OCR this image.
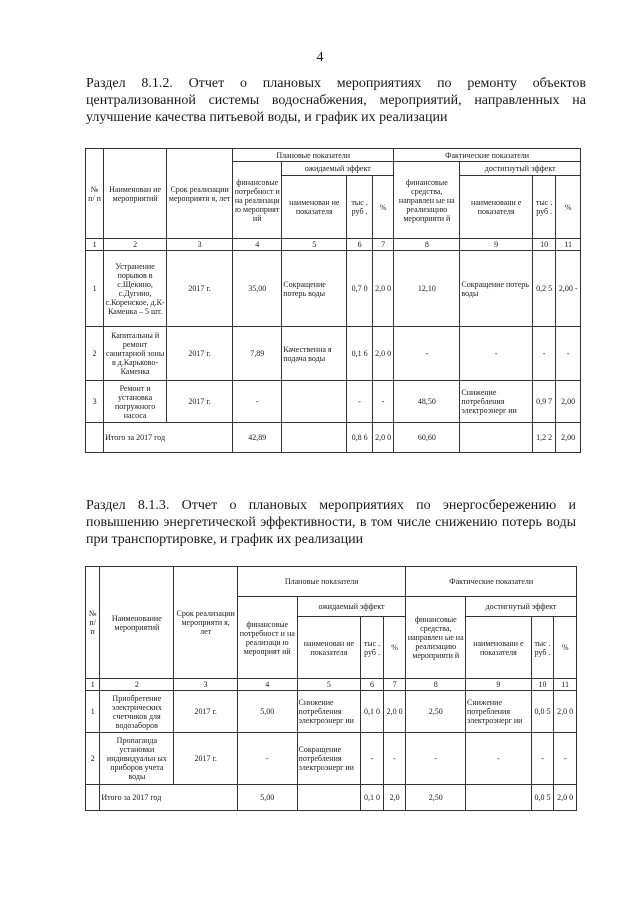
4
Раздел 8.1.2. Отчет о плановых мероприятиях по ремонту объектов централизованной системы водоснабжения, мероприятий, направленных на улучшение качества питьевой воды, и график их реализации
№ п/ п	Наименован ие мероприятий	Срок реализации мероприяти я, лет	Плановые показатели				Фактические показатели			
			финансовые потребност и на реализаци ю мероприят ий	ожидаемый эффект			финансовые средства, направлен ые на реализацию мероприяти й	достигнутый эффект		
				наименован ие показателя	тыс . руб .	%		наименовани е показателя	тыс . руб .	%
1	2	3	4	5	6	7	8	9	10	11
1	Устранение порывов в с.Щекино, с.Дугино, с.Коренское, д.К-Каменка – 5 шт.	2017 г.	35,00	Сокращение потерь воды	0,7 0	2,0 0	12,10	Сокращение потерь воды	0,2 5	2,00 -
2	Капитальны й ремонт санитарной зоны в д.Карьково-Каменка	2017 г.	7,89	Качественна я подача воды	0,1 6	2,0 0	-	-	-	-
3	Ремонт и установка погружного насоса	2017 г.	-		-	-	48,50	Снижение потребления электроэнерг ии	0,9 7	2,00
	Итого за 2017 год		42,89		0,8 6	2,0 0	60,60		1,2 2	2,00
Раздел 8.1.3. Отчет о плановых мероприятиях по энергосбережению и повышению энергетической эффективности, в том числе снижению потерь воды при транспортировке, и график их реализации
№ п/ п	Наименование мероприятий	Срок реализации мероприяти я, лет	Плановые показатели				Фактические показатели			
			финансовые потребност и на реализаци ю мероприят ий	ожидаемый эффект			финансовые средства, направлен ые на реализацию мероприяти й	достигнутый эффект		
				наименован ие показателя	тыс . руб .	%		наименовани е показателя	тыс . руб .	%
1	2	3	4	5	6	7	8	9	10	11
1	Приобретение электрических счетчиков для водозаборов	2017 г.	5,00	Снижение потребления электроэнерг ии	0,1 0	2,0 0	2,50	Снижение потребления электроэнерг ии	0,0 5	2,0 0
2	Пропаганда установки индивидуальн ых приборов учета воды	2017 г.	-	Сокращение потребления электроэнерг ии	-	-	-	-	-	-
	Итого за 2017 год		5,00		0,1 0	2,0	2,50		0,0 5	2,0 0
